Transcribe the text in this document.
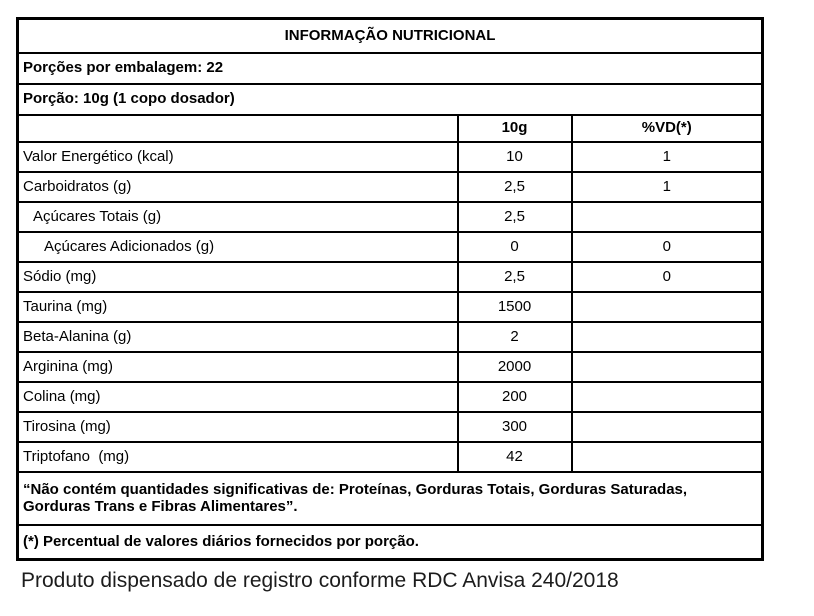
INFORMAÇÃO NUTRICIONAL		
Porções por embalagem: 22		
Porção: 10g (1 copo dosador)		
	10g	%VD(*)
Valor Energético (kcal)	10	1
Carboidratos (g)	2,5	1
Açúcares Totais (g)	2,5	
Açúcares Adicionados (g)	0	0
Sódio (mg)	2,5	0
Taurina (mg)	1500	
Beta-Alanina (g)	2	
Arginina (mg)	2000	
Colina (mg)	200	
Tirosina (mg)	300	
Triptofano  (mg)	42	

“Não contém quantidades significativas de: Proteínas, Gorduras Totais, Gorduras Saturadas,
Gorduras Trans e Fibras Alimentares”.		

(*) Percentual de valores diários fornecidos por porção.		
Produto dispensado de registro conforme RDC Anvisa 240/2018
